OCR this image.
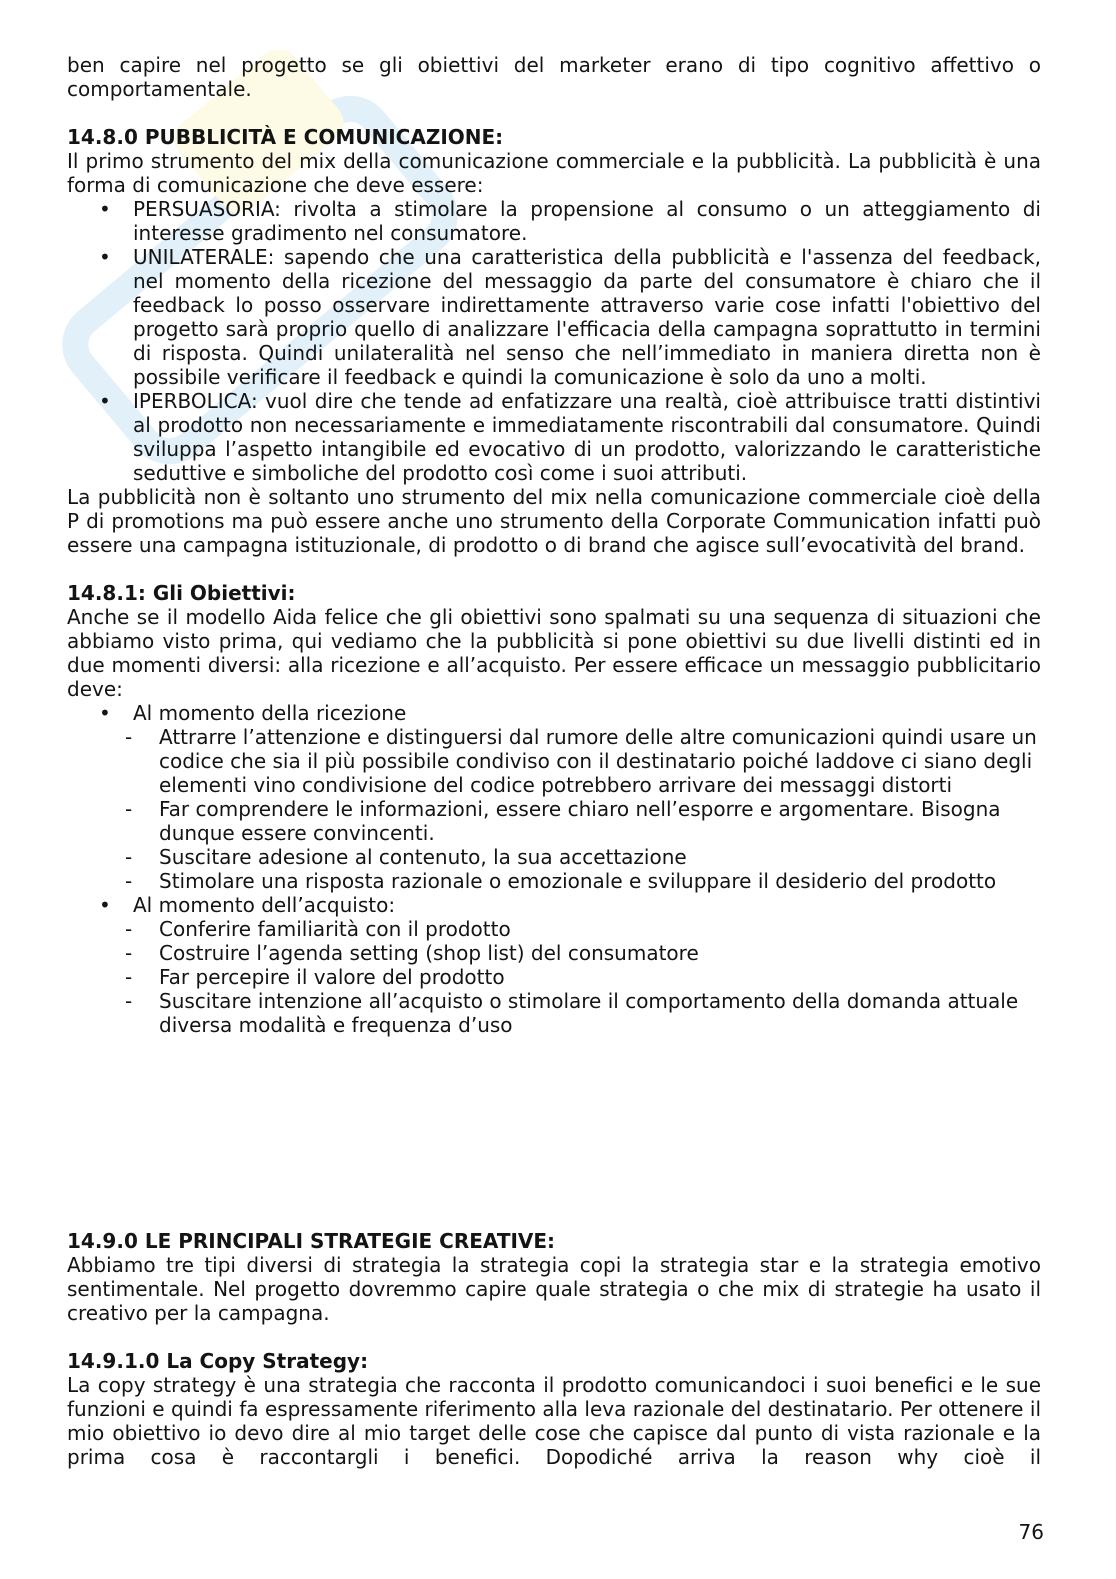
ben capire nel progetto se gli obiettivi del marketer erano di tipo cognitivo affettivo o comportamentale.

14.8.0 PUBBLICITÀ E COMUNICAZIONE:

Il primo strumento del mix della comunicazione commerciale e la pubblicità. La pubblicità è una forma di comunicazione che deve essere:

• PERSUASORIA: rivolta a stimolare la propensione al consumo o un atteggiamento di interesse gradimento nel consumatore.
• UNILATERALE: sapendo che una caratteristica della pubblicità e l'assenza del feedback, nel momento della ricezione del messaggio da parte del consumatore è chiaro che il feedback lo posso osservare indirettamente attraverso varie cose infatti l'obiettivo del progetto sarà proprio quello di analizzare l'efficacia della campagna soprattutto in termini di risposta. Quindi unilateralità nel senso che nell’immediato in maniera diretta non è possibile verificare il feedback e quindi la comunicazione è solo da uno a molti.
• IPERBOLICA: vuol dire che tende ad enfatizzare una realtà, cioè attribuisce tratti distintivi al prodotto non necessariamente e immediatamente riscontrabili dal consumatore. Quindi sviluppa l’aspetto intangibile ed evocativo di un prodotto, valorizzando le caratteristiche seduttive e simboliche del prodotto così come i suoi attributi.

La pubblicità non è soltanto uno strumento del mix nella comunicazione commerciale cioè della P di promotions ma può essere anche uno strumento della Corporate Communication infatti può essere una campagna istituzionale, di prodotto o di brand che agisce sull’evocatività del brand.

14.8.1: Gli Obiettivi:

Anche se il modello Aida felice che gli obiettivi sono spalmati su una sequenza di situazioni che abbiamo visto prima, qui vediamo che la pubblicità si pone obiettivi su due livelli distinti ed in due momenti diversi: alla ricezione e all’acquisto. Per essere efficace un messaggio pubblicitario deve:

• Al momento della ricezione
- Attrarre l’attenzione e distinguersi dal rumore delle altre comunicazioni quindi usare un codice che sia il più possibile condiviso con il destinatario poiché laddove ci siano degli elementi vino condivisione del codice potrebbero arrivare dei messaggi distorti
- Far comprendere le informazioni, essere chiaro nell’esporre e argomentare. Bisogna dunque essere convincenti.
- Suscitare adesione al contenuto, la sua accettazione
- Stimolare una risposta razionale o emozionale e sviluppare il desiderio del prodotto
• Al momento dell’acquisto:
- Conferire familiarità con il prodotto
- Costruire l’agenda setting (shop list) del consumatore
- Far percepire il valore del prodotto
- Suscitare intenzione all’acquisto o stimolare il comportamento della domanda attuale diversa modalità e frequenza d’uso
14.9.0 LE PRINCIPALI STRATEGIE CREATIVE:

Abbiamo tre tipi diversi di strategia la strategia copi la strategia star e la strategia emotivo sentimentale. Nel progetto dovremmo capire quale strategia o che mix di strategie ha usato il creativo per la campagna.

14.9.1.0 La Copy Strategy:

La copy strategy è una strategia che racconta il prodotto comunicandoci i suoi benefici e le sue funzioni e quindi fa espressamente riferimento alla leva razionale del destinatario. Per ottenere il mio obiettivo io devo dire al mio target delle cose che capisce dal punto di vista razionale e la prima cosa è raccontargli i benefici. Dopodiché arriva la reason why cioè il

76
